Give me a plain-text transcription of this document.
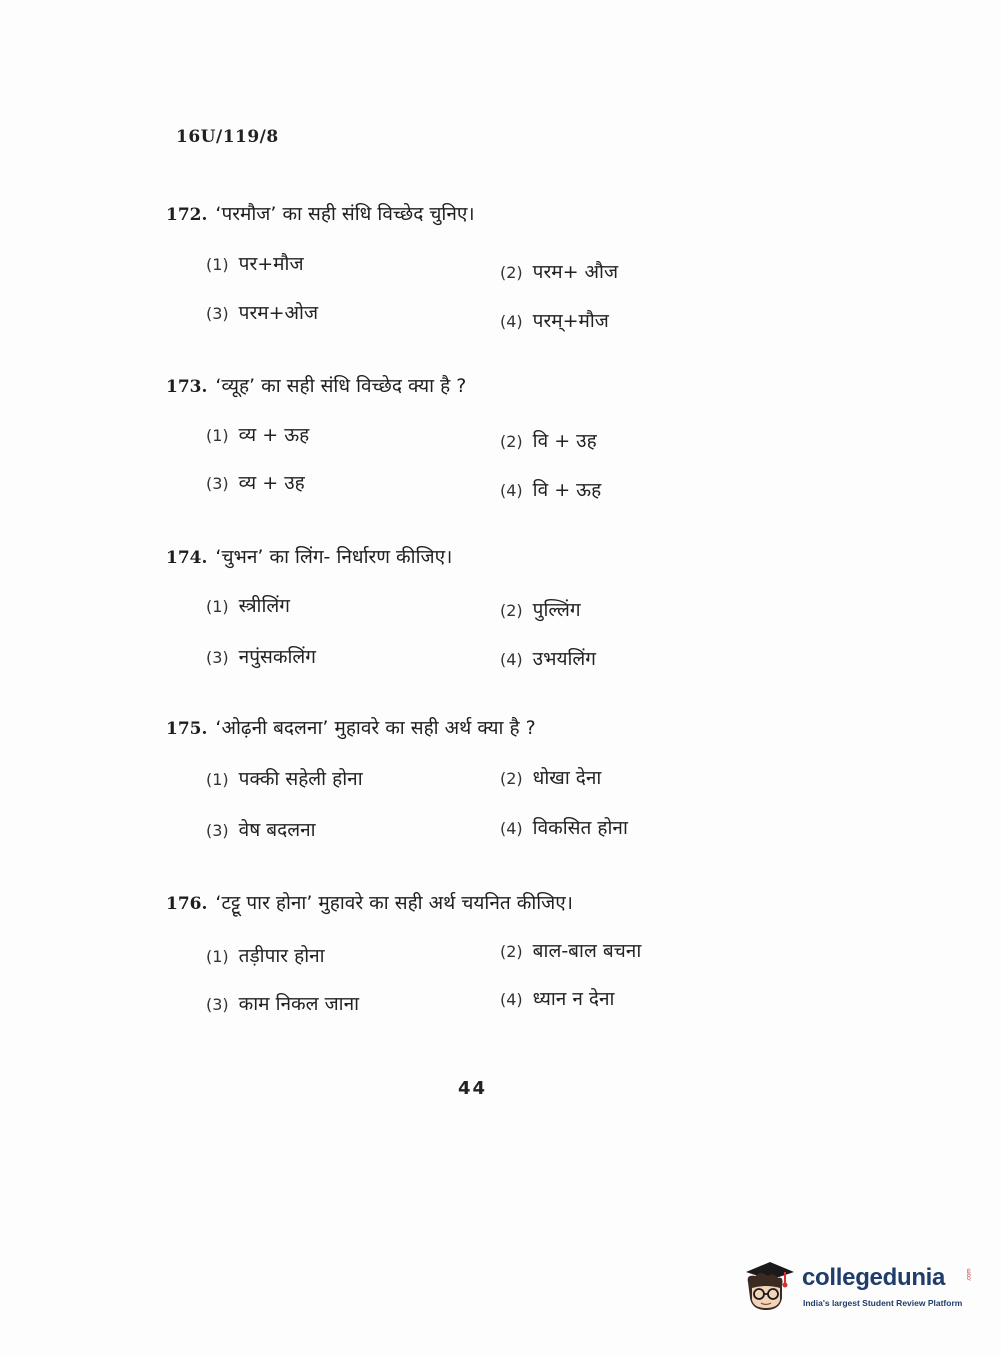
16U/119/8
172. ‘परमौज’ का सही संधि विच्छेद चुनिए।
(1) पर+मौज	(2) परम+ औज
(3) परम+ओज	(4) परम्+मौज
173. ‘व्यूह’ का सही संधि विच्छेद क्या है ?
(1) व्य + ऊह	(2) वि + उह
(3) व्य + उह	(4) वि + ऊह
174. ‘चुभन’ का लिंग- निर्धारण कीजिए।
(1) स्त्रीलिंग	(2) पुल्लिंग
(3) नपुंसकलिंग	(4) उभयलिंग
175. ‘ओढ़नी बदलना’ मुहावरे का सही अर्थ क्या है ?
(1) पक्की सहेली होना	(2) धोखा देना
(3) वेष बदलना	(4) विकसित होना
176. ‘टट्टू पार होना’ मुहावरे का सही अर्थ चयनित कीजिए।
(1) तड़ीपार होना	(2) बाल-बाल बचना
(3) काम निकल जाना	(4) ध्यान न देना
44
collegedunia	.com
India's largest Student Review Platform
